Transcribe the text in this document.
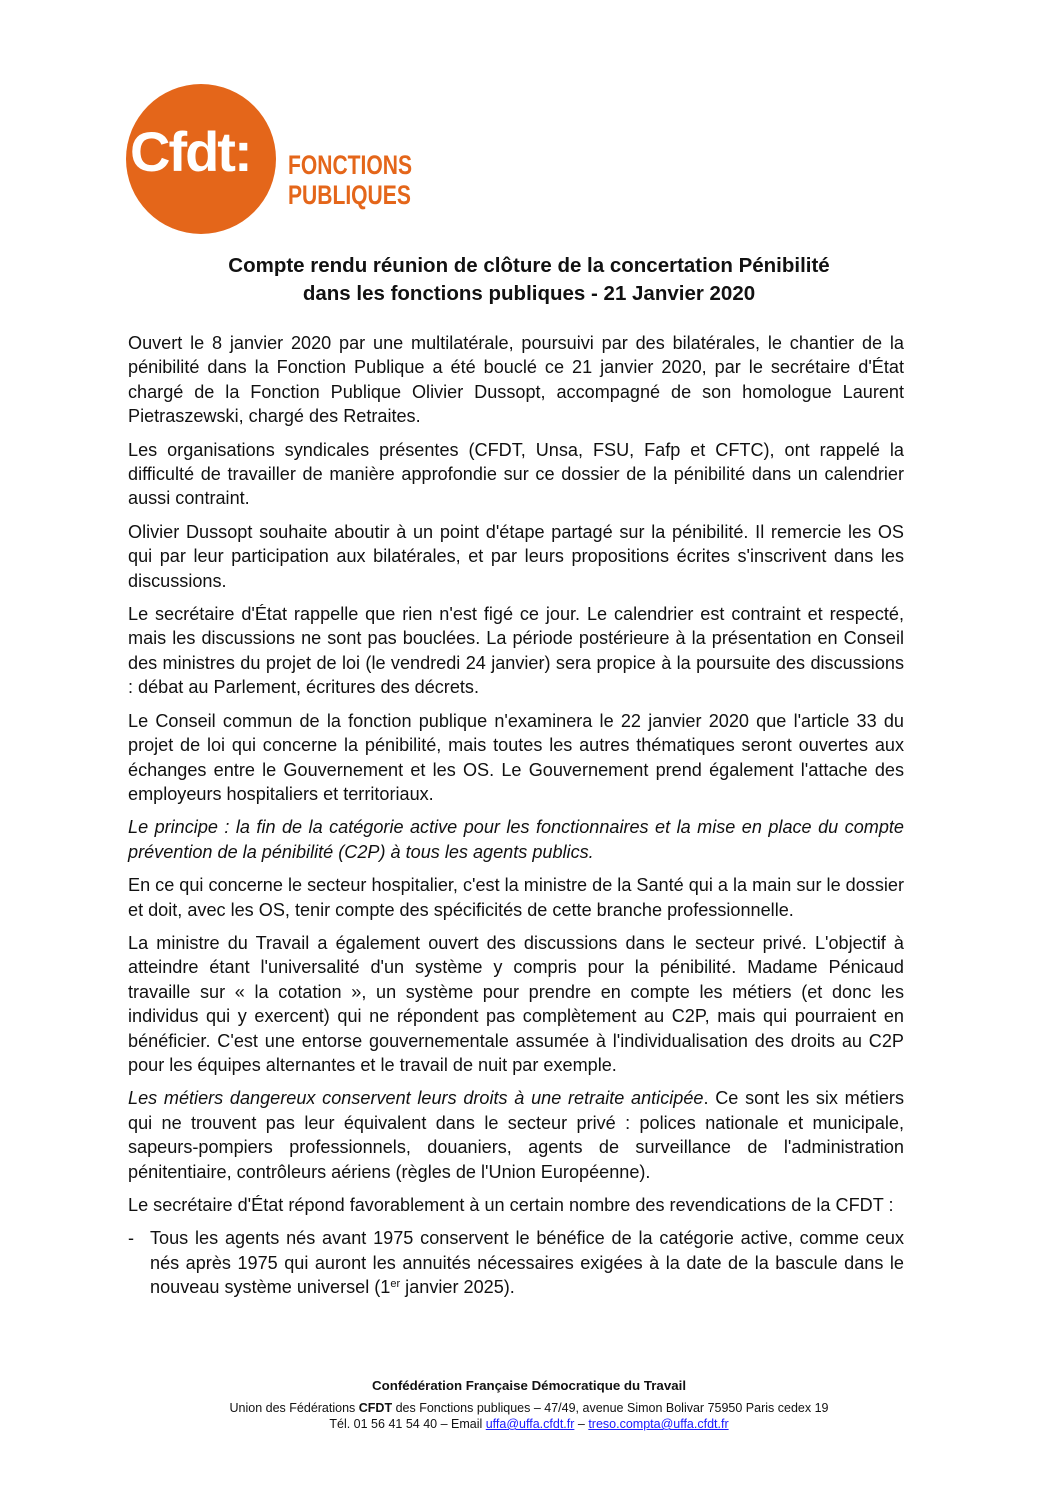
Cfdt: FONCTIONS
PUBLIQUES
Compte rendu réunion de clôture de la concertation Pénibilité
dans les fonctions publiques - 21 Janvier 2020

Ouvert le 8 janvier 2020 par une multilatérale, poursuivi par des bilatérales, le chantier de la pénibilité dans la Fonction Publique a été bouclé ce 21 janvier 2020, par le secrétaire d'État chargé de la Fonction Publique Olivier Dussopt, accompagné de son homologue Laurent Pietraszewski, chargé des Retraites.

Les organisations syndicales présentes (CFDT, Unsa, FSU, Fafp et CFTC), ont rappelé la difficulté de travailler de manière approfondie sur ce dossier de la pénibilité dans un calendrier aussi contraint.

Olivier Dussopt souhaite aboutir à un point d'étape partagé sur la pénibilité. Il remercie les OS qui par leur participation aux bilatérales, et par leurs propositions écrites s'inscrivent dans les discussions.

Le secrétaire d'État rappelle que rien n'est figé ce jour. Le calendrier est contraint et respecté, mais les discussions ne sont pas bouclées. La période postérieure à la présentation en Conseil des ministres du projet de loi (le vendredi 24 janvier) sera propice à la poursuite des discussions : débat au Parlement, écritures des décrets.

Le Conseil commun de la fonction publique n'examinera le 22 janvier 2020 que l'article 33 du projet de loi qui concerne la pénibilité, mais toutes les autres thématiques seront ouvertes aux échanges entre le Gouvernement et les OS. Le Gouvernement prend également l'attache des employeurs hospitaliers et territoriaux.

Le principe : la fin de la catégorie active pour les fonctionnaires et la mise en place du compte prévention de la pénibilité (C2P) à tous les agents publics.

En ce qui concerne le secteur hospitalier, c'est la ministre de la Santé qui a la main sur le dossier et doit, avec les OS, tenir compte des spécificités de cette branche professionnelle.

La ministre du Travail a également ouvert des discussions dans le secteur privé. L'objectif à atteindre étant l'universalité d'un système y compris pour la pénibilité. Madame Pénicaud travaille sur « la cotation », un système pour prendre en compte les métiers (et donc les individus qui y exercent) qui ne répondent pas complètement au C2P, mais qui pourraient en bénéficier. C'est une entorse gouvernementale assumée à l'individualisation des droits au C2P pour les équipes alternantes et le travail de nuit par exemple.

Les métiers dangereux conservent leurs droits à une retraite anticipée. Ce sont les six métiers qui ne trouvent pas leur équivalent dans le secteur privé : polices nationale et municipale, sapeurs-pompiers professionnels, douaniers, agents de surveillance de l'administration pénitentiaire, contrôleurs aériens (règles de l'Union Européenne).

Le secrétaire d'État répond favorablement à un certain nombre des revendications de la CFDT :

- Tous les agents nés avant 1975 conservent le bénéfice de la catégorie active, comme ceux nés après 1975 qui auront les annuités nécessaires exigées à la date de la bascule dans le nouveau système universel (1er janvier 2025).
Confédération Française Démocratique du Travail
Union des Fédérations CFDT des Fonctions publiques – 47/49, avenue Simon Bolivar 75950 Paris cedex 19
Tél. 01 56 41 54 40 – Email uffa@uffa.cfdt.fr – treso.compta@uffa.cfdt.fr
